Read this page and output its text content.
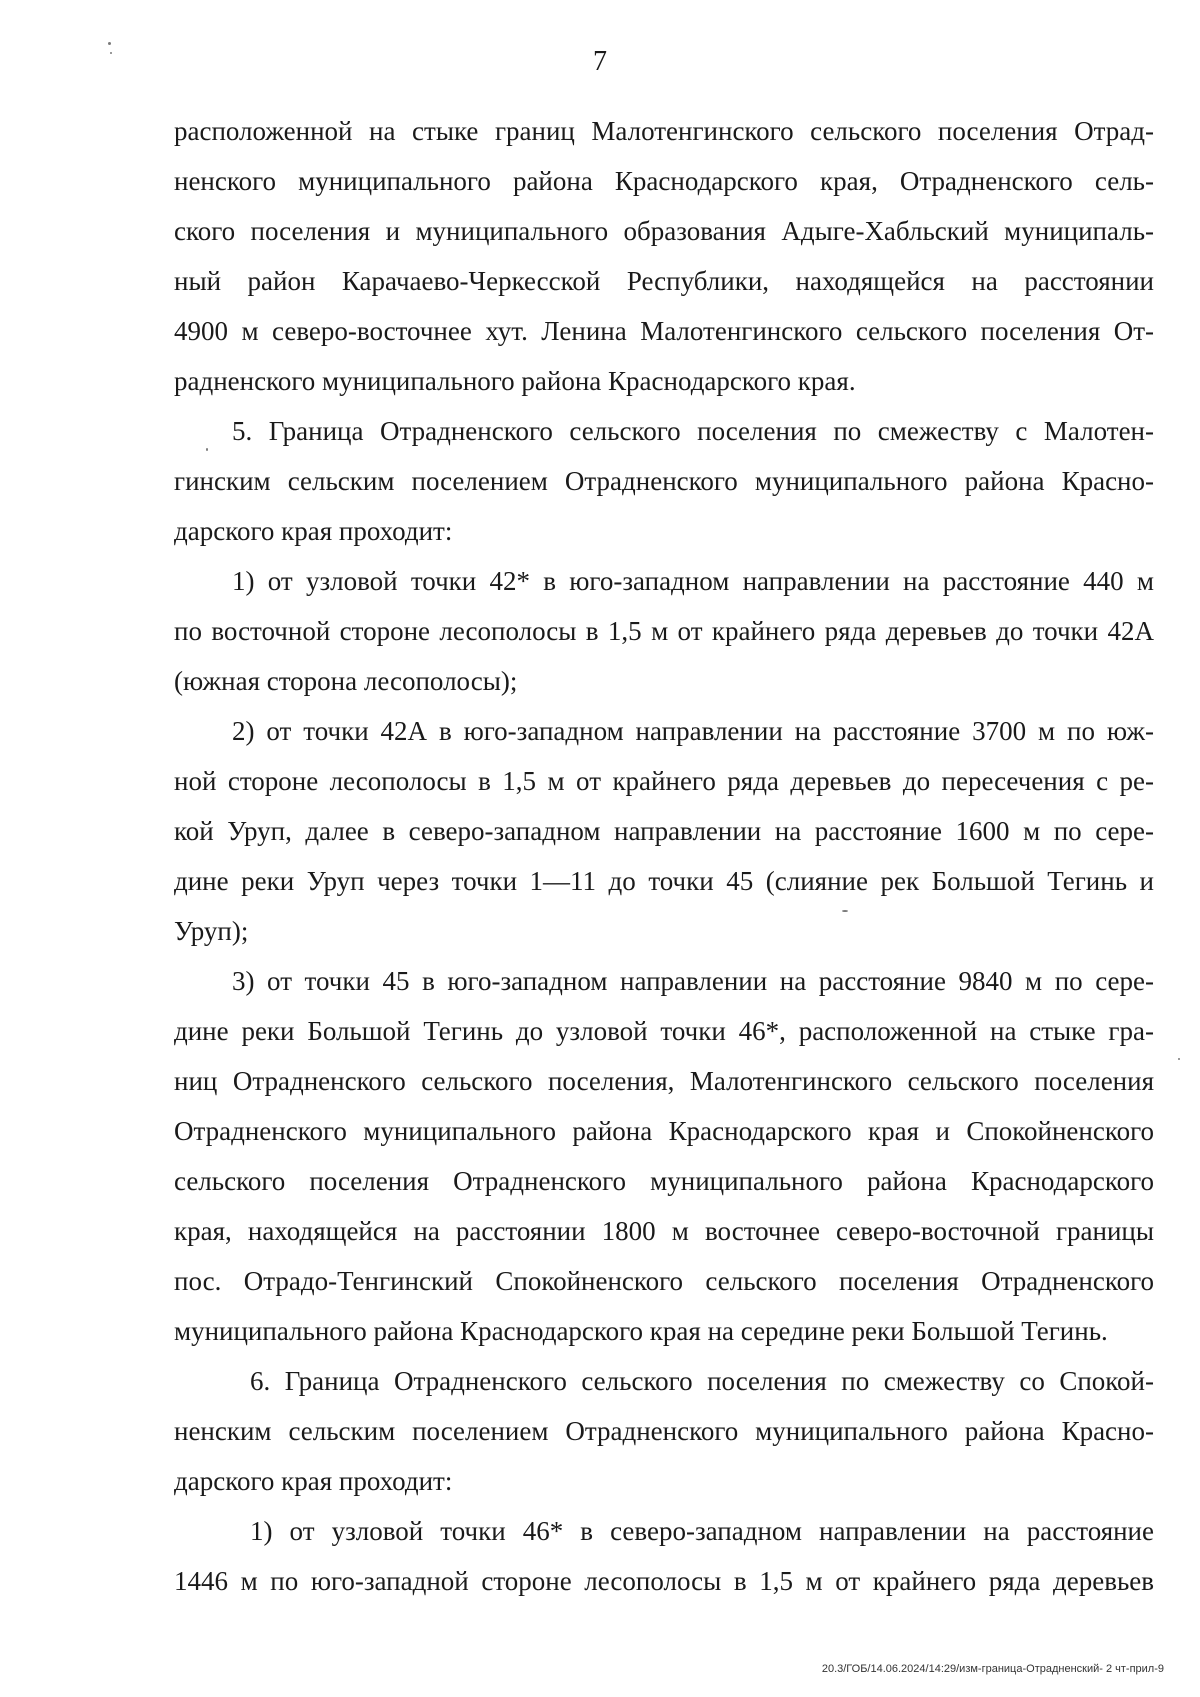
7

расположенной на стыке границ Малотенгинского сельского поселения Отрад-
ненского муниципального района Краснодарского края, Отрадненского сель-
ского поселения и муниципального образования Адыге-Хабльский муниципаль-
ный район Карачаево-Черкесской Республики, находящейся на расстоянии
4900 м северо-восточнее хут. Ленина Малотенгинского сельского поселения От-
радненского муниципального района Краснодарского края.

5. Граница Отрадненского сельского поселения по смежеству с Малотен-
гинским сельским поселением Отрадненского муниципального района Красно-
дарского края проходит:

1) от узловой точки 42* в юго-западном направлении на расстояние 440 м
по восточной стороне лесополосы в 1,5 м от крайнего ряда деревьев до точки 42А
(южная сторона лесополосы);

2) от точки 42А в юго-западном направлении на расстояние 3700 м по юж-
ной стороне лесополосы в 1,5 м от крайнего ряда деревьев до пересечения с ре-
кой Уруп, далее в северо-западном направлении на расстояние 1600 м по сере-
дине реки Уруп через точки 1—11 до точки 45 (слияние рек Большой Тегинь и
Уруп);

3) от точки 45 в юго-западном направлении на расстояние 9840 м по сере-
дине реки Большой Тегинь до узловой точки 46*, расположенной на стыке гра-
ниц Отрадненского сельского поселения, Малотенгинского сельского поселения
Отрадненского муниципального района Краснодарского края и Спокойненского
сельского поселения Отрадненского муниципального района Краснодарского
края, находящейся на расстоянии 1800 м восточнее северо-восточной границы
пос. Отрадо-Тенгинский Спокойненского сельского поселения Отрадненского
муниципального района Краснодарского края на середине реки Большой Тегинь.

6. Граница Отрадненского сельского поселения по смежеству со Спокой-
ненским сельским поселением Отрадненского муниципального района Красно-
дарского края проходит:

1) от узловой точки 46* в северо-западном направлении на расстояние
1446 м по юго-западной стороне лесополосы в 1,5 м от крайнего ряда деревьев

20.3/ГОБ/14.06.2024/14:29/изм-граница-Отрадненский- 2 чт-прил-9
